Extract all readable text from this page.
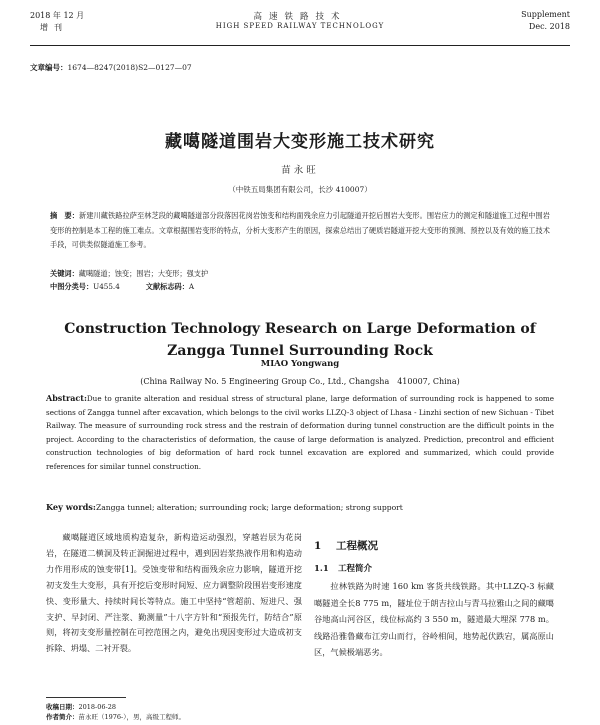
2018 年 12 月
增刊
高速铁路技术
HIGH SPEED RAILWAY TECHNOLOGY
Supplement
Dec. 2018
文章编号：1674—8247(2018)S2—0127—07
藏噶隧道围岩大变形施工技术研究
苗永旺
（中铁五局集团有限公司，长沙 410007）
摘　要：新建川藏铁路拉萨至林芝段的藏噶隧道部分段落因花岗岩蚀变和结构面残余应力引起隧道开挖后围岩大变形。围岩应力的测定和隧道施工过程中围岩变形的控制是本工程的施工难点。文章根据围岩变形的特点，分析大变形产生的原因，探索总结出了硬质岩隧道开挖大变形的预测、预控以及有效的施工技术手段，可供类似隧道施工参考。
关键词：藏噶隧道；蚀变；围岩；大变形；强支护
中图分类号：U455.4	文献标志码：A
Construction Technology Research on Large Deformation of
Zangga Tunnel Surrounding Rock
MIAO Yongwang
(China Railway No. 5 Engineering Group Co., Ltd., Changsha　410007, China)
Abstract:Due to granite alteration and residual stress of structural plane, large deformation of surrounding rock is happened to some sections of Zangga tunnel after excavation, which belongs to the civil works LLZQ-3 object of Lhasa - Linzhi section of new Sichuan - Tibet Railway. The measure of surrounding rock stress and the restrain of deformation during tunnel construction are the difficult points in the project. According to the characteristics of deformation, the cause of large deformation is analyzed. Prediction, precontrol and efficient construction technologies of big deformation of hard rock tunnel excavation are explored and summarized, which could provide references for similar tunnel construction.
Key words:Zangga tunnel; alteration; surrounding rock; large deformation; strong support
藏噶隧道区域地质构造复杂，新构造运动强烈，穿越岩层为花岗岩，在隧道二横洞及转正洞掘进过程中，遇到因岩浆热液作用和构造动力作用形成的蚀变带[1]。受蚀变带和结构面残余应力影响，隧道开挖初支发生大变形，具有开挖后变形时间短、应力调整阶段围岩变形速度快、变形量大、持续时间长等特点。施工中坚持“管超前、短进尺、强支护、早封闭、严注浆、勤测量”十八字方针和“预报先行，防结合”原则，将初支变形量控制在可控范围之内，避免出现因变形过大造成初支拆除、坍塌、二衬开裂。

1 工程概况

1.1 工程简介

拉林铁路为时速 160 km 客货共线铁路。其中LLZQ-3 标藏噶隧道全长8 775 m，隧址位于朗吉拉山与青马拉雅山之间的藏噶谷地高山河谷区，线位标高约 3 550 m，隧道最大埋深 778 m。线路沿雅鲁藏布江旁山而行，谷岭相间，地势起伏跌宕，属高原山区，气候极端恶劣。

收稿日期：2018-06-28
作者简介：苗永旺（1976-），男，高级工程师。
